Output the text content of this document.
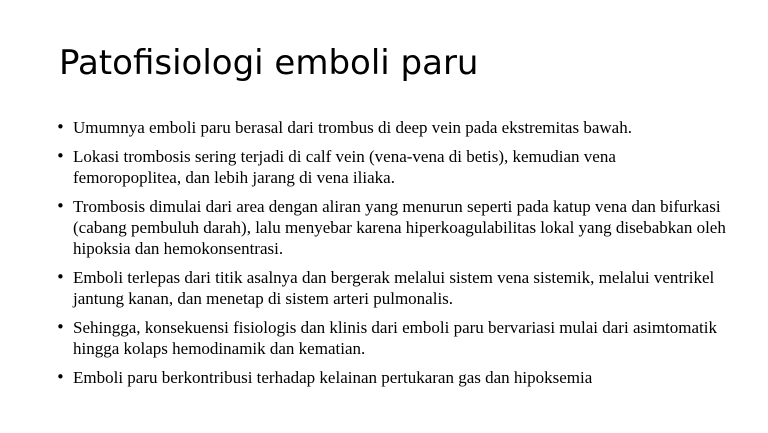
Patofisiologi emboli paru
• Umumnya emboli paru berasal dari trombus di deep vein pada ekstremitas bawah.
• Lokasi trombosis sering terjadi di calf vein (vena-vena di betis), kemudian vena femoropoplitea, dan lebih jarang di vena iliaka.
• Trombosis dimulai dari area dengan aliran yang menurun seperti pada katup vena dan bifurkasi (cabang pembuluh darah), lalu menyebar karena hiperkoagulabilitas lokal yang disebabkan oleh hipoksia dan hemokonsentrasi.
• Emboli terlepas dari titik asalnya dan bergerak melalui sistem vena sistemik, melalui ventrikel jantung kanan, dan menetap di sistem arteri pulmonalis.
• Sehingga, konsekuensi fisiologis dan klinis dari emboli paru bervariasi mulai dari asimtomatik hingga kolaps hemodinamik dan kematian.
• Emboli paru berkontribusi terhadap kelainan pertukaran gas dan hipoksemia
